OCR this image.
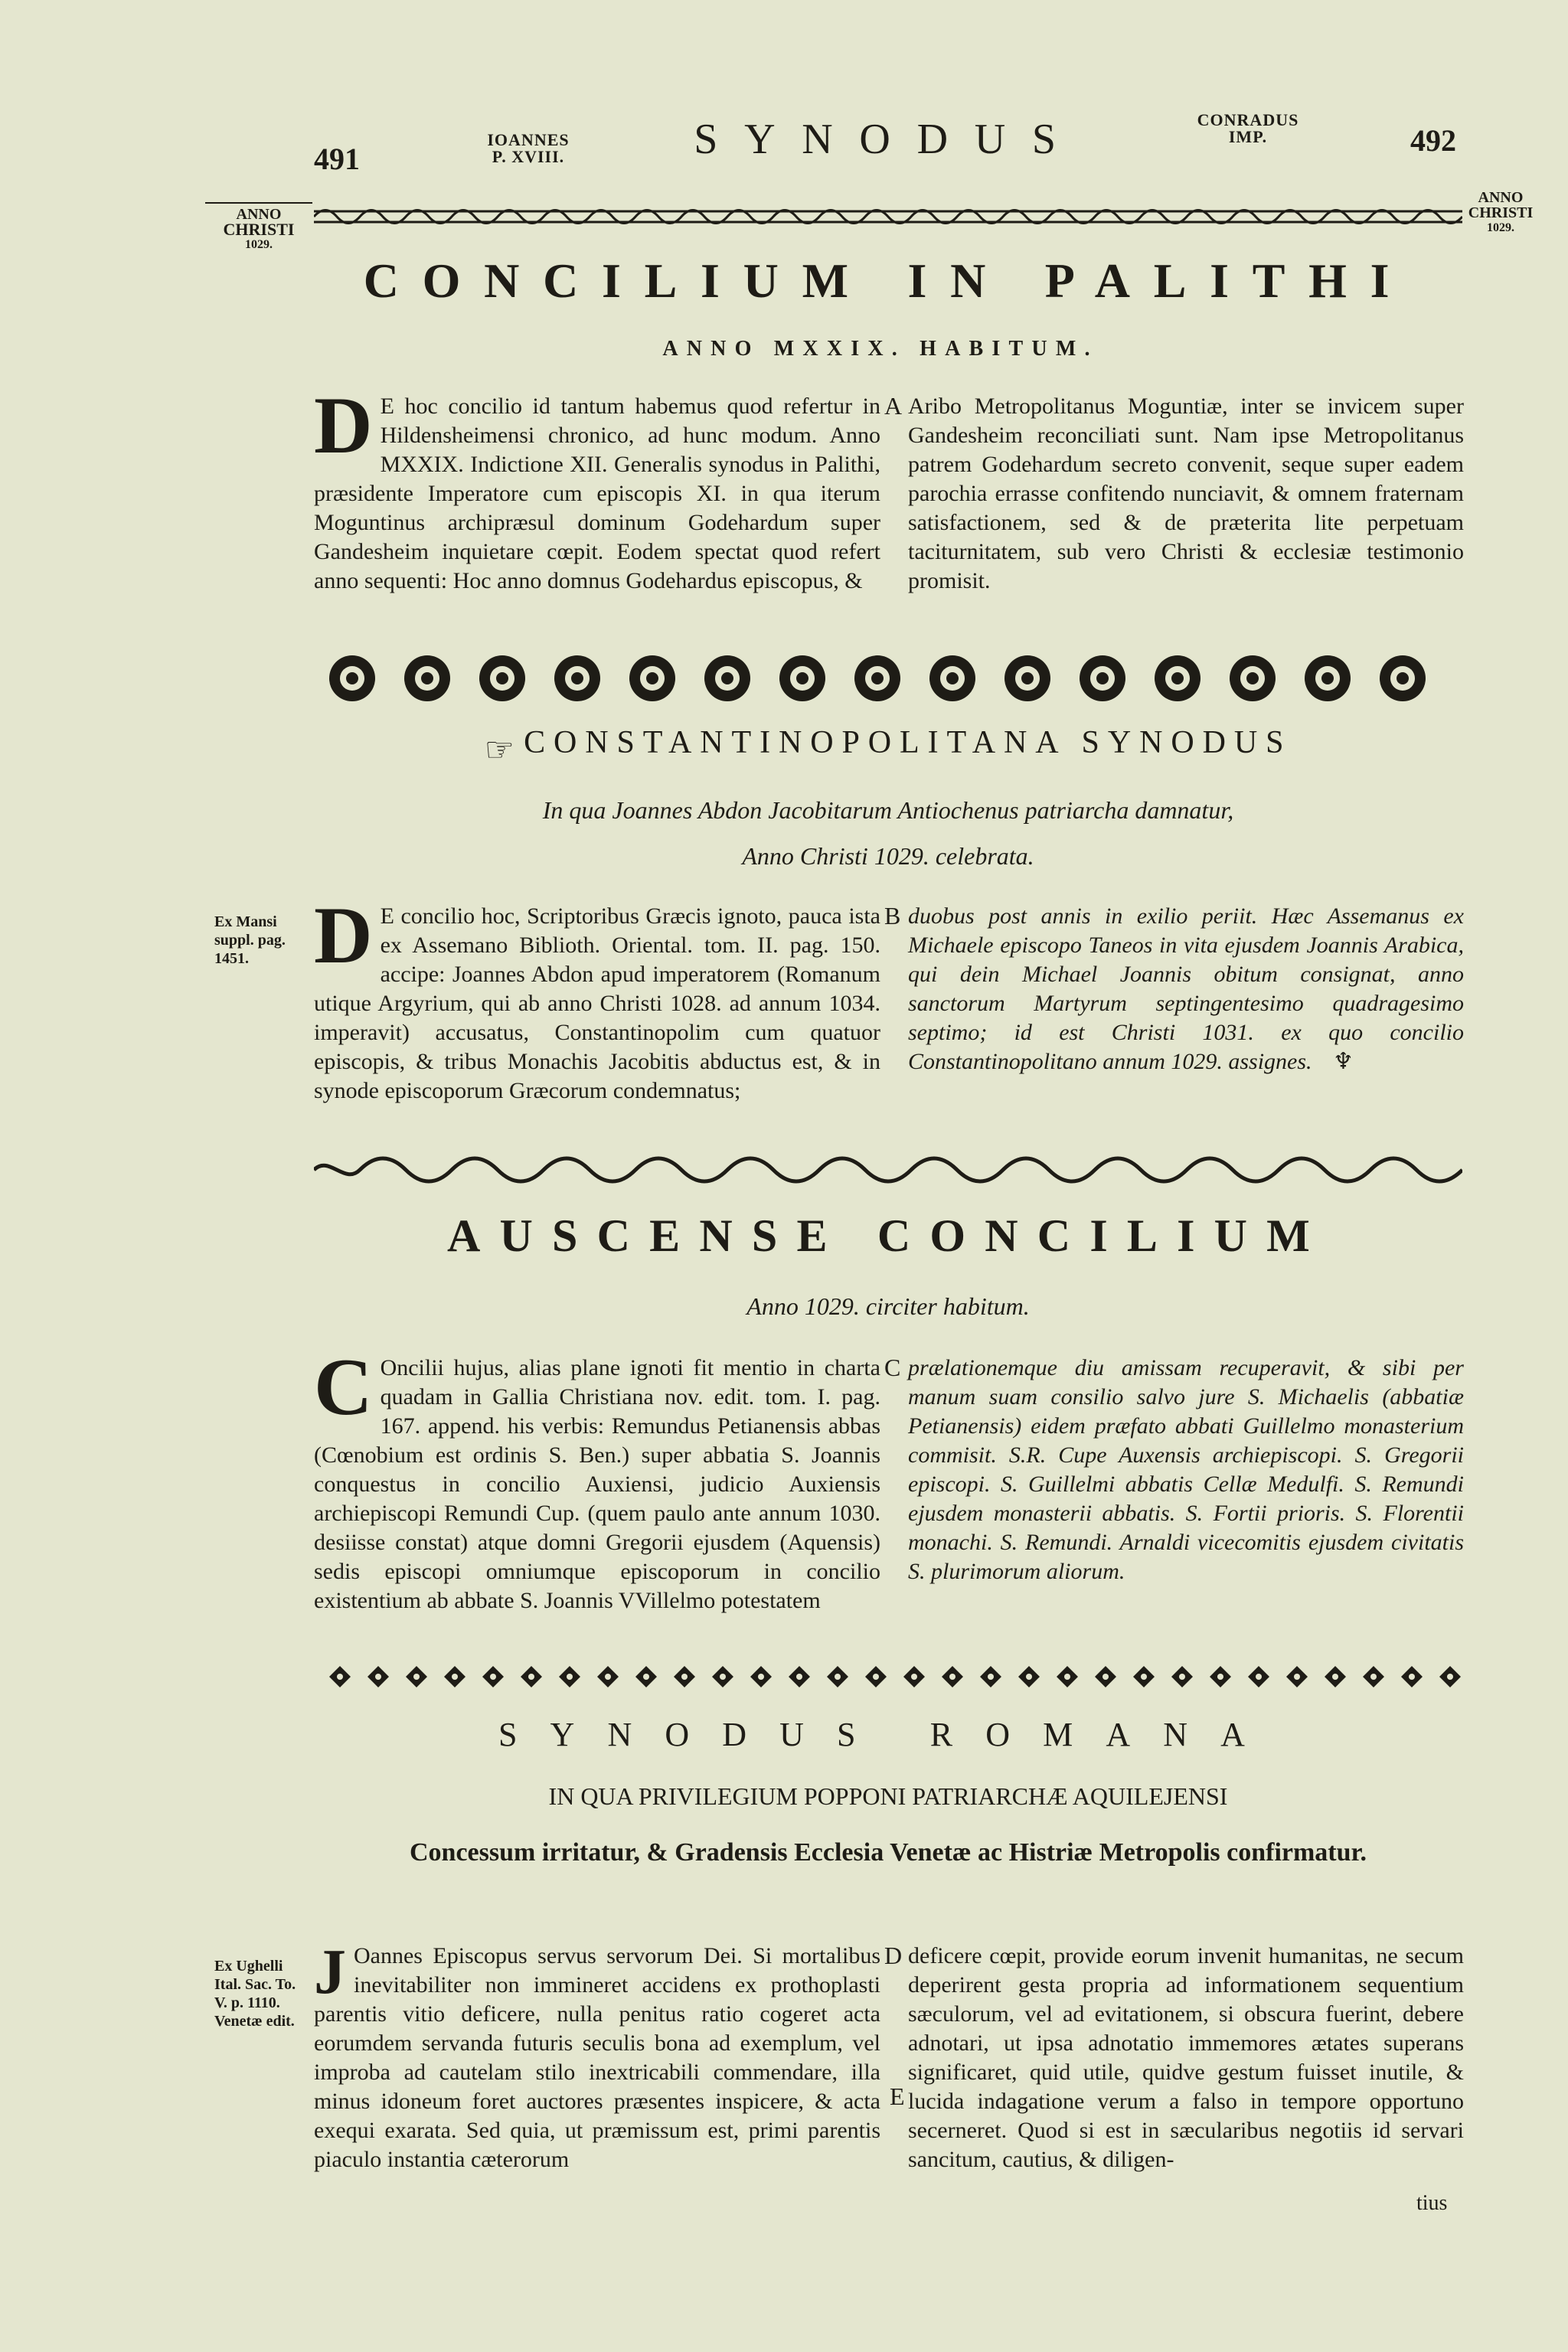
491
IOANNES
P. XVIII.	SYNODUS	CONRADUS
IMP.	492
ANNO
CHRISTI
1029.
ANNO
CHRISTI
1029.
CONCILIUM IN PALITHI
ANNO MXXIX. HABITUM.
D E hoc concilio id tantum habemus quod refertur in Hildensheimensi chronico, ad hunc modum. Anno MXXIX. Indictione XII. Generalis synodus in Palithi, præsidente Imperatore cum episcopis XI. in qua iterum Moguntinus archipræsul dominum Godehardum super Gandesheim inquietare cœpit. Eodem spectat quod refert anno sequenti: Hoc anno domnus Godehardus episcopus, &
A Aribo Metropolitanus Moguntiæ, inter se invicem super Gandesheim reconciliati sunt. Nam ipse Metropolitanus patrem Godehardum secreto convenit, seque super eadem parochia errasse confitendo nunciavit, & omnem fraternam satisfactionem, sed & de præterita lite perpetuam taciturnitatem, sub vero Christi & ecclesiæ testimonio promisit.
☞ CONSTANTINOPOLITANA SYNODUS
In qua Joannes Abdon Jacobitarum Antiochenus patriarcha damnatur,
Anno Christi 1029. celebrata.
Ex Mansi
suppl. pag.
1451. D E concilio hoc, Scriptoribus Græcis ignoto, pauca ista ex Assemano Biblioth. Oriental. tom. II. pag. 150. accipe: Joannes Abdon apud imperatorem (Romanum utique Argyrium, qui ab anno Christi 1028. ad annum 1034. imperavit) accusatus, Constantinopolim cum quatuor episcopis, & tribus Monachis Jacobitis abductus est, & in synode episcoporum Græcorum condemnatus;
B duobus post annis in exilio periit. Hæc Assemanus ex Michaele episcopo Taneos in vita ejusdem Joannis Arabica, qui dein Michael Joannis obitum consignat, anno sanctorum Martyrum septingentesimo quadragesimo septimo; id est Christi 1031. ex quo concilio Constantinopolitano annum 1029. assignes. ♆
AUSCENSE CONCILIUM
Anno 1029. circiter habitum.
C Oncilii hujus, alias plane ignoti fit mentio in charta quadam in Gallia Christiana nov. edit. tom. I. pag. 167. append. his verbis: Remundus Petianensis abbas (Cœnobium est ordinis S. Ben.) super abbatia S. Joannis conquestus in concilio Auxiensi, judicio Auxiensis archiepiscopi Remundi Cup. (quem paulo ante annum 1030. desiisse constat) atque domni Gregorii ejusdem (Aquensis) sedis episcopi omniumque episcoporum in concilio existentium ab abbate S. Joannis VVillelmo potestatem
C prælationemque diu amissam recuperavit, & sibi per manum suam consilio salvo jure S. Michaelis (abbatiæ Petianensis) eidem præfato abbati Guillelmo monasterium commisit. S.R. Cupe Auxensis archiepiscopi. S. Gregorii episcopi. S. Guillelmi abbatis Cellæ Medulfi. S. Remundi ejusdem monasterii abbatis. S. Fortii prioris. S. Florentii monachi. S. Remundi. Arnaldi vicecomitis ejusdem civitatis S. plurimorum aliorum.
SYNODUS ROMANA
IN QUA PRIVILEGIUM POPPONI PATRIARCHÆ AQUILEJENSI
Concessum irritatur, & Gradensis Ecclesia Venetæ ac Histriæ Metropolis confirmatur.
Ex Ughelli
Ital. Sac. To.
V. p. 1110.
Venetæ edit.
J Oannes Episcopus servus servorum Dei. Si mortalibus inevitabiliter non immineret accidens ex prothoplasti parentis vitio deficere, nulla penitus ratio cogeret acta eorumdem servanda futuris seculis bona ad exemplum, vel improba ad cautelam stilo inextricabili commendare, illa minus idoneum foret auctores præsentes inspicere, & acta exequi exarata. Sed quia, ut præmissum est, primi parentis piaculo instantia cæterorum
D
E
deficere cœpit, provide eorum invenit humanitas, ne secum deperirent gesta propria ad informationem sequentium sæculorum, vel ad evitationem, si obscura fuerint, debere adnotari, ut ipsa adnotatio immemores ætates superans significaret, quid utile, quidve gestum fuisset inutile, & lucida indagatione verum a falso in tempore opportuno secerneret. Quod si est in sæcularibus negotiis id servari sancitum, cautius, & diligen-
tius
